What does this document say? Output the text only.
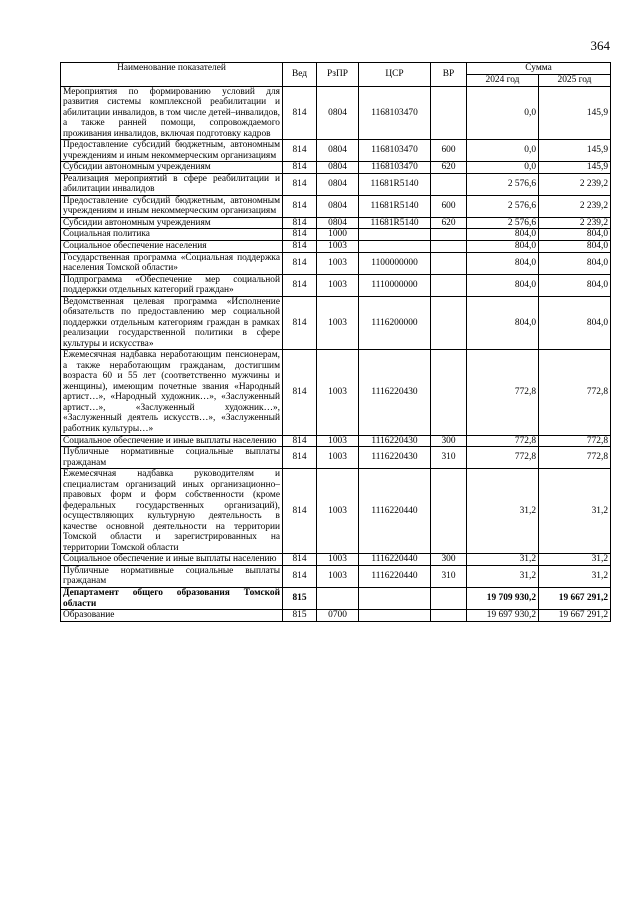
364
Наименование показателей	Вед	РзПР	ЦСР	ВР	Сумма	
					2024 год	2025 год
Мероприятия по формированию условий для развития системы комплексной реабилитации и абилитации инвалидов, в том числе детей–инвалидов, а также ранней помощи, сопровождаемого проживания инвалидов, включая подготовку кадров	814	0804	1168103470		0,0	145,9
Предоставление субсидий бюджетным, автономным учреждениям и иным некоммерческим организациям	814	0804	1168103470	600	0,0	145,9
Субсидии автономным учреждениям	814	0804	1168103470	620	0,0	145,9
Реализация мероприятий в сфере реабилитации и абилитации инвалидов	814	0804	11681R5140		2 576,6	2 239,2
Предоставление субсидий бюджетным, автономным учреждениям и иным некоммерческим организациям	814	0804	11681R5140	600	2 576,6	2 239,2
Субсидии автономным учреждениям	814	0804	11681R5140	620	2 576,6	2 239,2
Социальная политика	814	1000			804,0	804,0
Социальное обеспечение населения	814	1003			804,0	804,0
Государственная программа «Социальная поддержка населения Томской области»	814	1003	1100000000		804,0	804,0
Подпрограмма «Обеспечение мер социальной поддержки отдельных категорий граждан»	814	1003	1110000000		804,0	804,0
Ведомственная целевая программа «Исполнение обязательств по предоставлению мер социальной поддержки отдельным категориям граждан в рамках реализации государственной политики в сфере культуры и искусства»	814	1003	1116200000		804,0	804,0
Ежемесячная надбавка неработающим пенсионерам, а также неработающим гражданам, достигшим возраста 60 и 55 лет (соответственно мужчины и женщины), имеющим почетные звания «Народный артист…», «Народный художник…», «Заслуженный артист…», «Заслуженный художник…», «Заслуженный деятель искусств…», «Заслуженный работник культуры…»	814	1003	1116220430		772,8	772,8
Социальное обеспечение и иные выплаты населению	814	1003	1116220430	300	772,8	772,8
Публичные нормативные социальные выплаты гражданам	814	1003	1116220430	310	772,8	772,8
Ежемесячная надбавка руководителям и специалистам организаций иных организационно–правовых форм и форм собственности (кроме федеральных государственных организаций), осуществляющих культурную деятельность в качестве основной деятельности на территории Томской области и зарегистрированных на территории Томской области	814	1003	1116220440		31,2	31,2
Социальное обеспечение и иные выплаты населению	814	1003	1116220440	300	31,2	31,2
Публичные нормативные социальные выплаты гражданам	814	1003	1116220440	310	31,2	31,2
Департамент общего образования Томской области	815				19 709 930,2	19 667 291,2
Образование	815	0700			19 697 930,2	19 667 291,2
